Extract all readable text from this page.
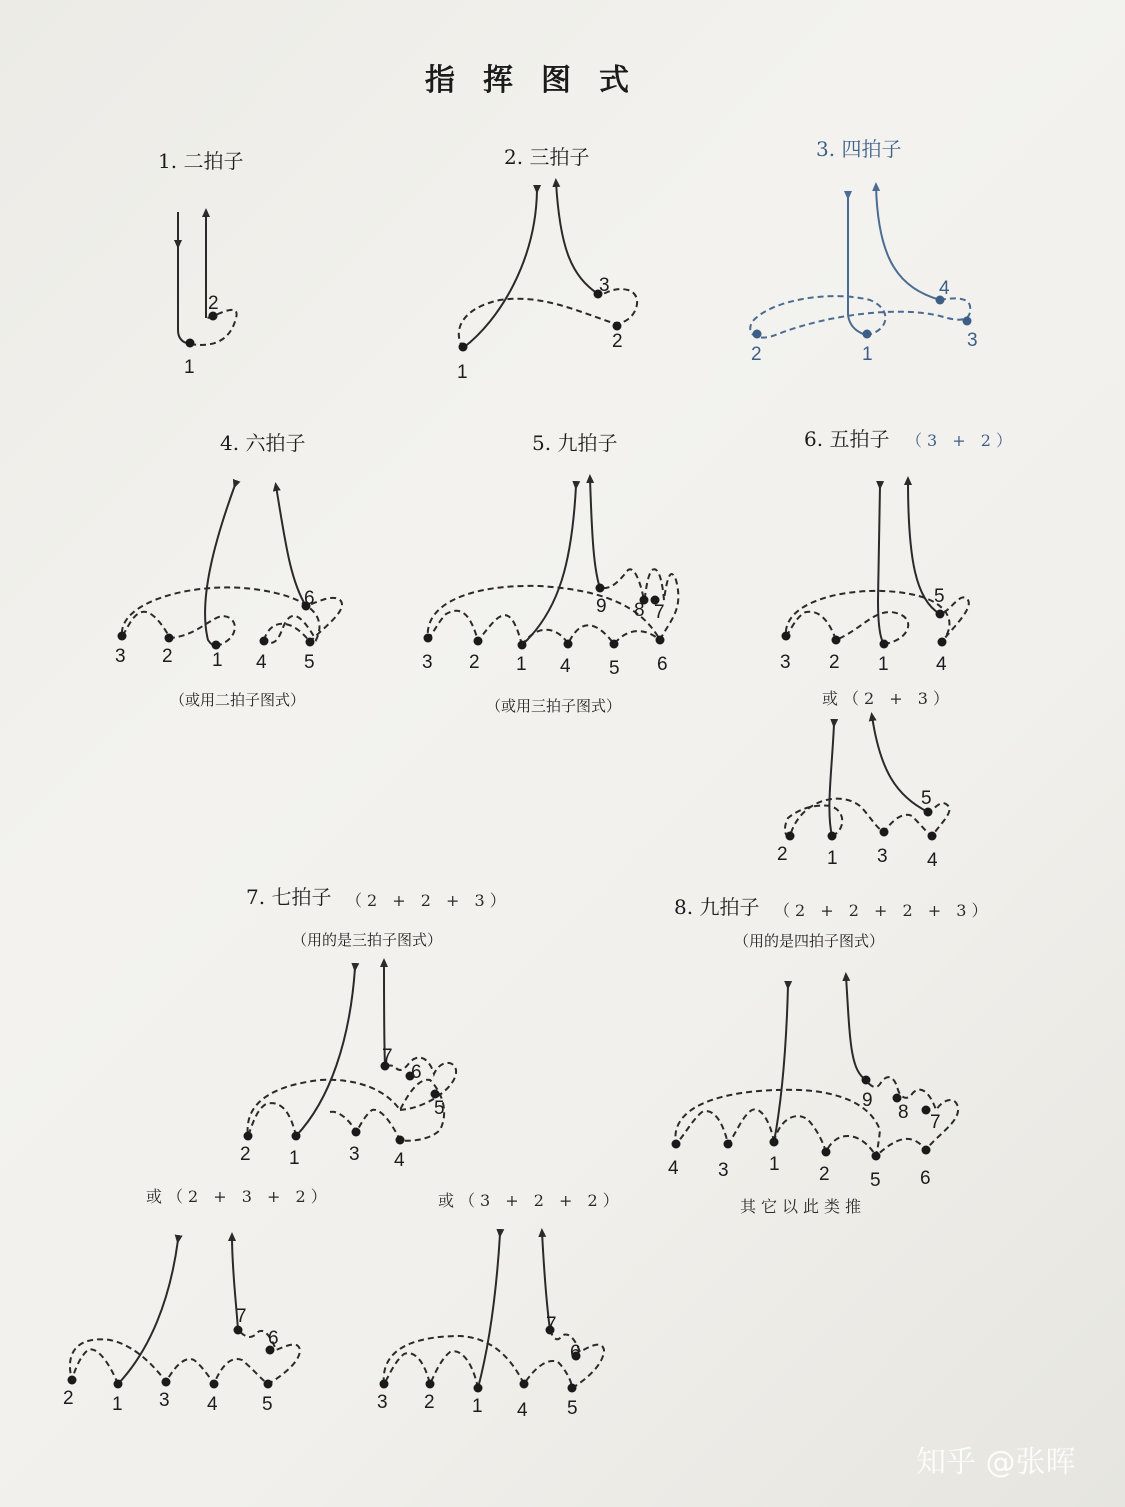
指挥图式
1. 二拍子
1
2
2. 三拍子
1
2
3
3. 四拍子
1
2
3
4
4. 六拍子
1
2
3	4 5
6
（或用二拍子图式）
5. 九拍子
1
2
3	4 5 6
7
8
9
（或用三拍子图式）
6. 五拍子 （3 + 2）
1
2
3	4
5
或（2 + 3）
1
2	3 4
5
7. 七拍子 （2 + 2 + 3）
（用的是三拍子图式）
1
2	3 4
5
6
7
或（2 + 3 + 2）
1
2	3 4 5
6
7
或（3 + 2 + 2）
1
2
3	4 5
6
7
8. 九拍子 （2 + 2 + 2 + 3）
（用的是四拍子图式）
1 2
3
4
5 6
7
8
9
其它以此类推
知乎 @张晖
